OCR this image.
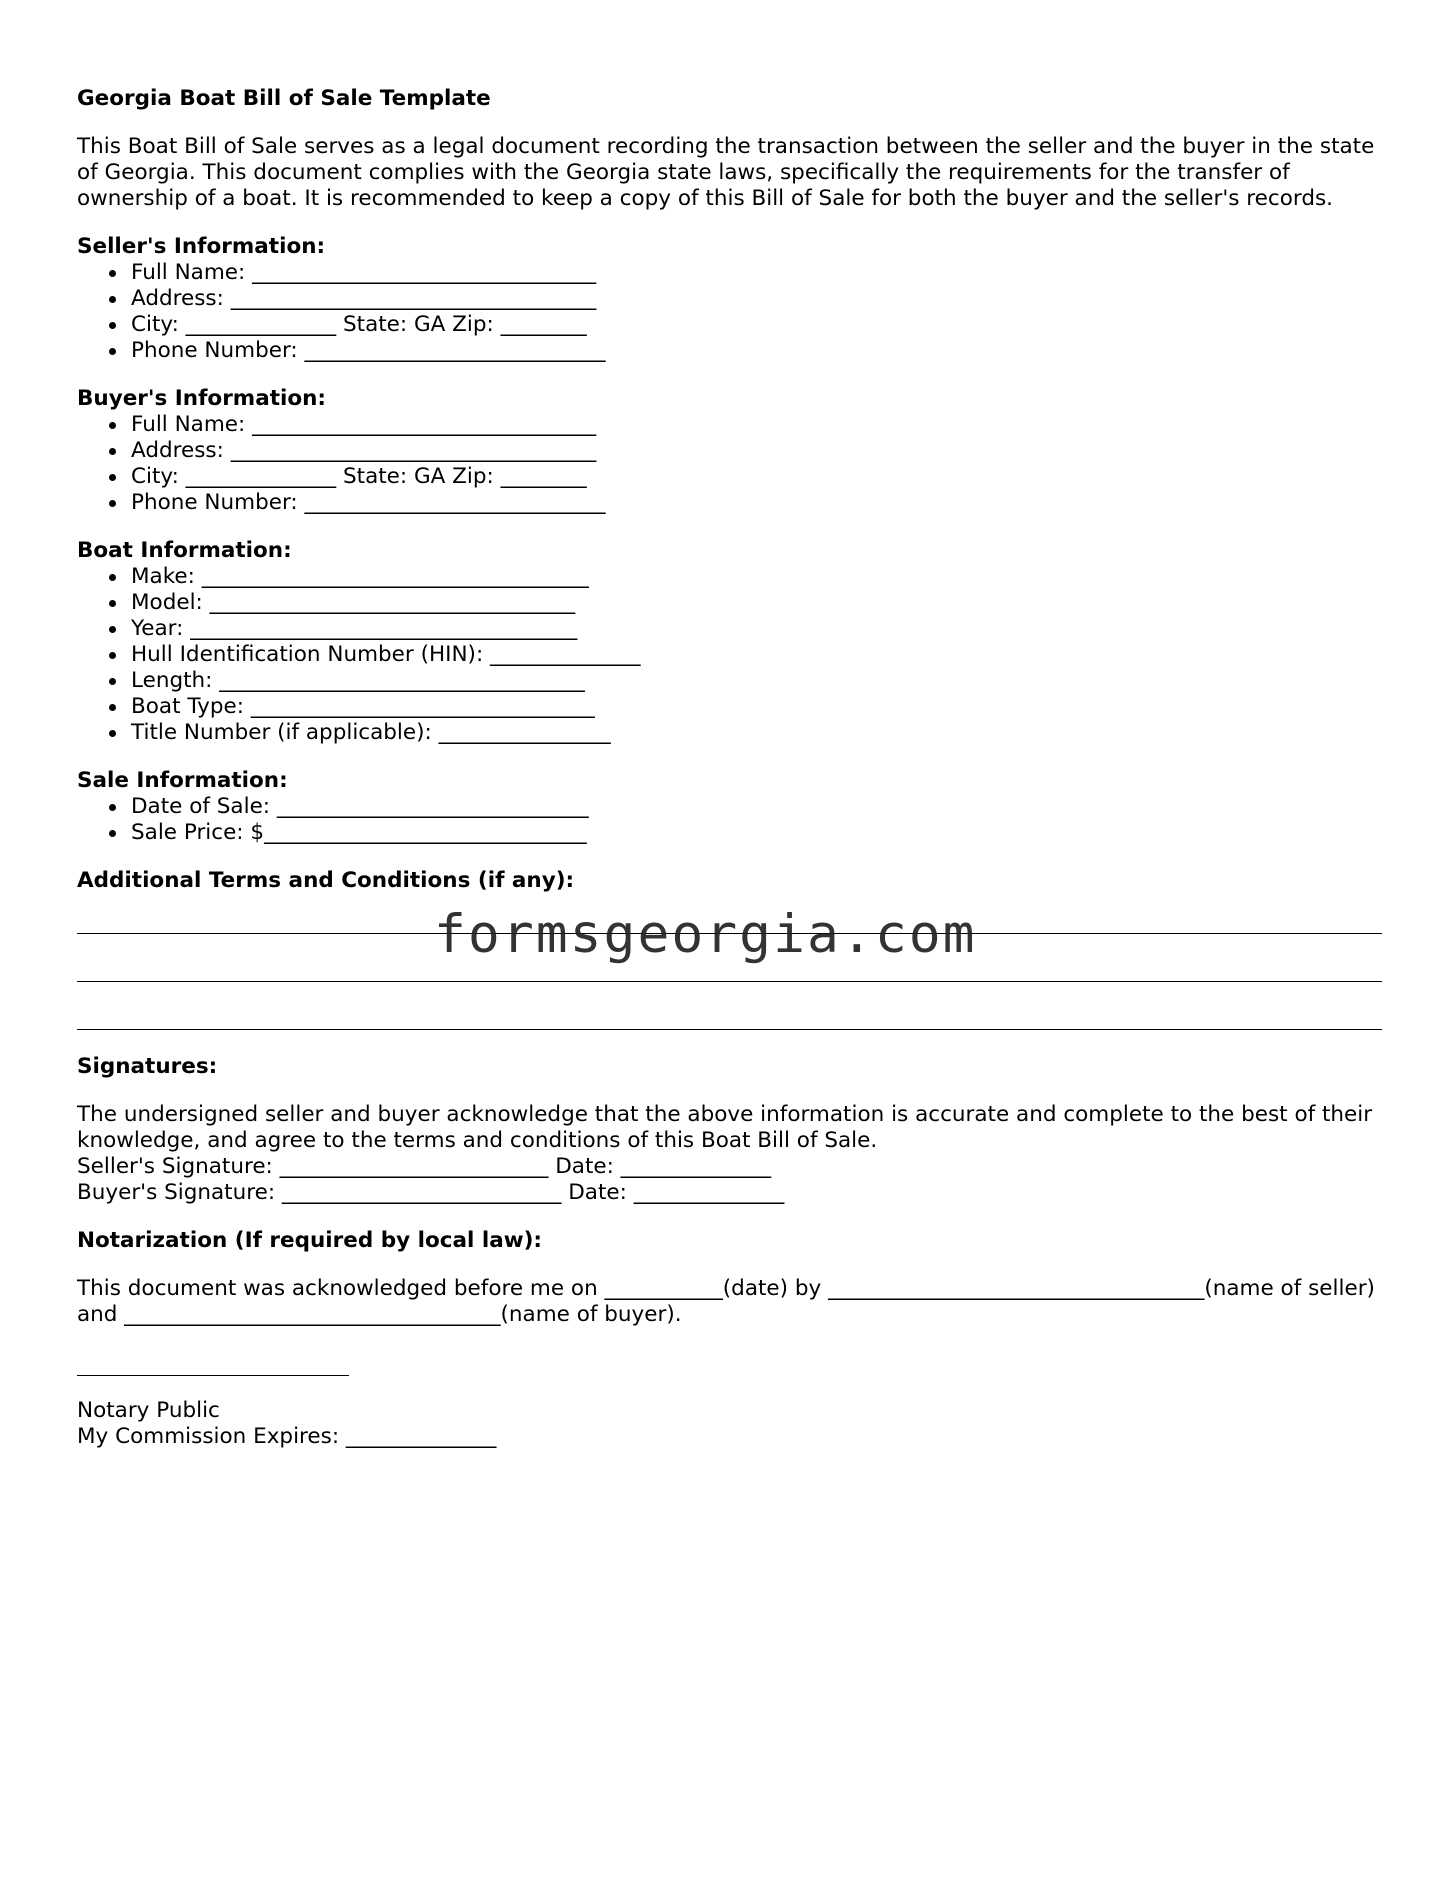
Georgia Boat Bill of Sale Template

This Boat Bill of Sale serves as a legal document recording the transaction between the seller and the buyer in the state of Georgia. This document complies with the Georgia state laws, specifically the requirements for the transfer of ownership of a boat. It is recommended to keep a copy of this Bill of Sale for both the buyer and the seller's records.

Seller's Information:

Full Name: ________________________________
Address: __________________________________
City: ______________ State: GA Zip: ________
Phone Number: ____________________________

Buyer's Information:

Full Name: ________________________________
Address: __________________________________
City: ______________ State: GA Zip: ________
Phone Number: ____________________________

Boat Information:

Make: ____________________________________
Model: __________________________________
Year: ____________________________________
Hull Identification Number (HIN): ______________
Length: __________________________________
Boat Type: ________________________________
Title Number (if applicable): ________________

Sale Information:

Date of Sale: _____________________________
Sale Price: $______________________________

Additional Terms and Conditions (if any):

Signatures:

The undersigned seller and buyer acknowledge that the above information is accurate and complete to the best of their knowledge, and agree to the terms and conditions of this Boat Bill of Sale.

Seller's Signature: _________________________ Date: ______________

Buyer's Signature: __________________________ Date: ______________

Notarization (If required by local law):

This document was acknowledged before me on ___________(date) by ___________________________________(name of seller) and ___________________________________(name of buyer).

Notary Public

My Commission Expires: ______________

formsgeorgia.com
